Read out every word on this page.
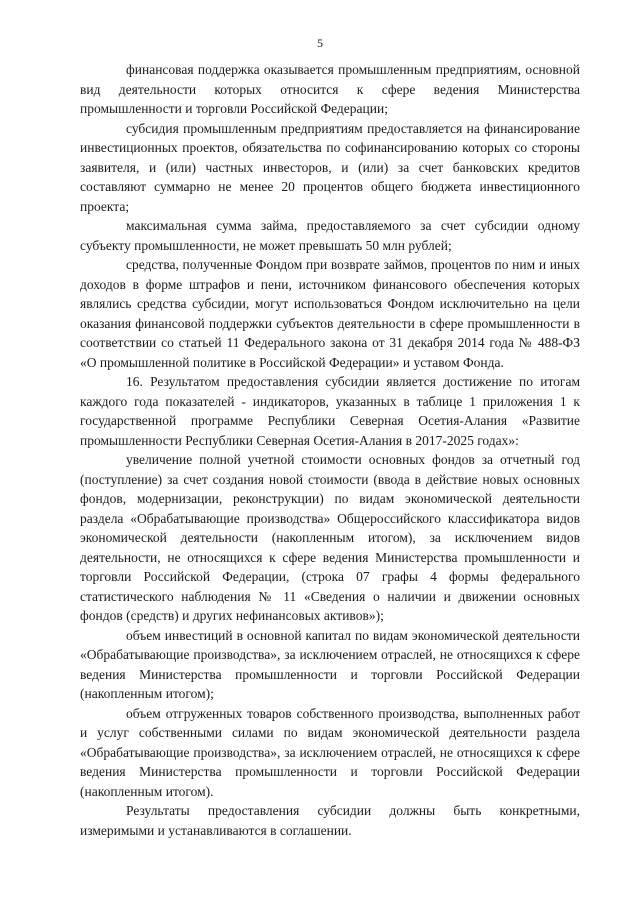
5

финансовая поддержка оказывается промышленным предприятиям, основной вид деятельности которых относится к сфере ведения Министерства промышленности и торговли Российской Федерации;

субсидия промышленным предприятиям предоставляется на финансирование инвестиционных проектов, обязательства по софинансированию которых со стороны заявителя, и (или) частных инвесторов, и (или) за счет банковских кредитов составляют суммарно не менее 20 процентов общего бюджета инвестиционного проекта;

максимальная сумма займа, предоставляемого за счет субсидии одному субъекту промышленности, не может превышать 50 млн рублей;

средства, полученные Фондом при возврате займов, процентов по ним и иных доходов в форме штрафов и пени, источником финансового обеспечения которых являлись средства субсидии, могут использоваться Фондом исключительно на цели оказания финансовой поддержки субъектов деятельности в сфере промышленности в соответствии со статьей 11 Федерального закона от 31 декабря 2014 года № 488-ФЗ «О промышленной политике в Российской Федерации» и уставом Фонда.

16. Результатом предоставления субсидии является достижение по итогам каждого года показателей - индикаторов, указанных в таблице 1 приложения 1 к государственной программе Республики Северная Осетия-Алания «Развитие промышленности Республики Северная Осетия-Алания в 2017-2025 годах»:

увеличение полной учетной стоимости основных фондов за отчетный год (поступление) за счет создания новой стоимости (ввода в действие новых основных фондов, модернизации, реконструкции) по видам экономической деятельности раздела «Обрабатывающие производства» Общероссийского классификатора видов экономической деятельности (накопленным итогом), за исключением видов деятельности, не относящихся к сфере ведения Министерства промышленности и торговли Российской Федерации, (строка 07 графы 4 формы федерального статистического наблюдения № 11 «Сведения о наличии и движении основных фондов (средств) и других нефинансовых активов»);

объем инвестиций в основной капитал по видам экономической деятельности «Обрабатывающие производства», за исключением отраслей, не относящихся к сфере ведения Министерства промышленности и торговли Российской Федерации (накопленным итогом);

объем отгруженных товаров собственного производства, выполненных работ и услуг собственными силами по видам экономической деятельности раздела «Обрабатывающие производства», за исключением отраслей, не относящихся к сфере ведения Министерства промышленности и торговли Российской Федерации (накопленным итогом).

Результаты предоставления субсидии должны быть конкретными, измеримыми и устанавливаются в соглашении.
